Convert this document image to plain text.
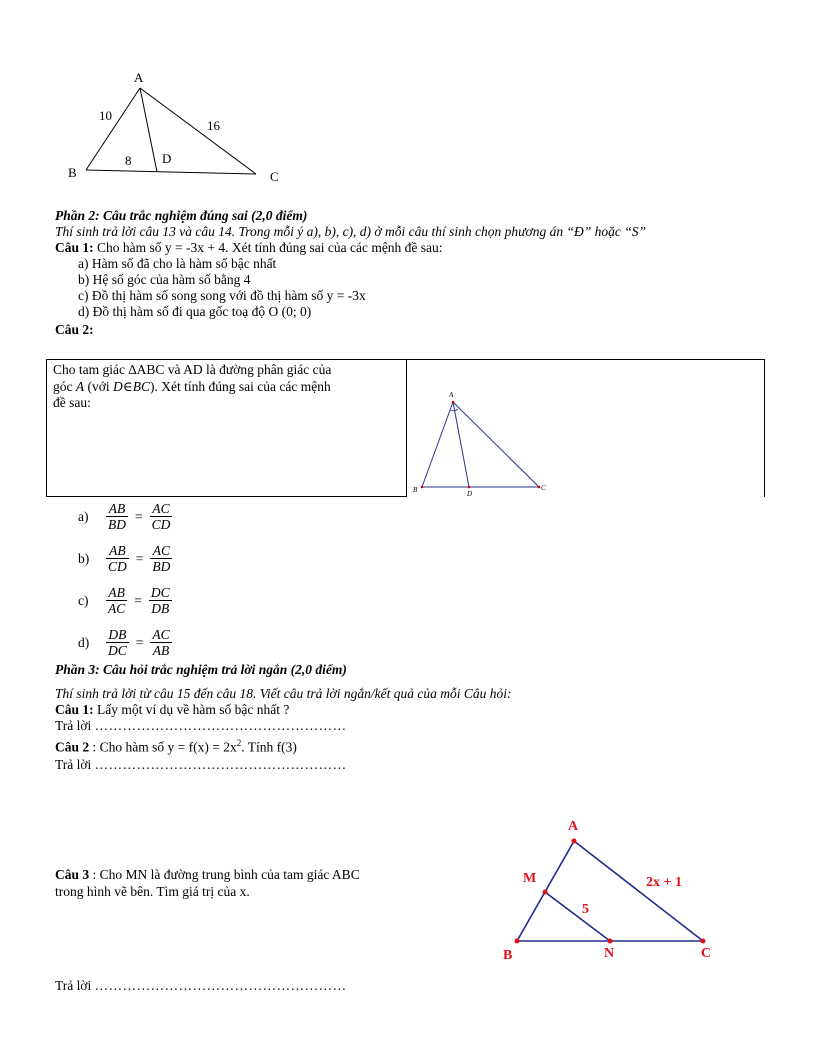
A
B	C
D
10
16
8
Phần 2: Câu trắc nghiệm đúng sai (2,0 điểm)
Thí sinh trả lời câu 13 và câu 14. Trong mỗi ý a), b), c), d) ở mỗi câu thí sinh chọn phương án “Đ” hoặc “S”
Câu 1: Cho hàm số y = -3x + 4. Xét tính đúng sai của các mệnh đề sau:
a) Hàm số đã cho là hàm số bậc nhất
b) Hệ số góc của hàm số bằng 4
c) Đồ thị hàm số song song với đồ thị hàm số y = -3x
d) Đồ thị hàm số đi qua gốc toạ độ O (0; 0)
Câu 2:
Cho tam giác ∆ABC và AD là đường phân giác của
góc A (với D∈BC). Xét tính đúng sai của các mệnh
đề sau:	A
B	C
D
a)	$\frac{AB}{BD} = \frac{AC}{CD}$
b)	$\frac{AB}{CD} = \frac{AC}{BD}$
c)	$\frac{AB}{AC} = \frac{DC}{DB}$
d)	$\frac{DB}{DC} = \frac{AC}{AB}$
Phần 3: Câu hỏi trắc nghiệm trả lời ngắn (2,0 điểm)
Thí sinh trả lời từ câu 15 đến câu 18. Viết câu trả lời ngắn/kết quả của mỗi Câu hỏi:
Câu 1: Lấy một ví dụ về hàm số bậc nhất ?
Trả lời ………………………………………………
Câu 2 : Cho hàm số $y = f(x) = 2x^2$. Tính f(3)
Trả lời ………………………………………………
Câu 3 : Cho MN là đường trung bình của tam giác ABC
trong hình vẽ bên. Tìm giá trị của x.
Trả lời ………………………………………………
A
M
B	N	C
2x + 1
5
